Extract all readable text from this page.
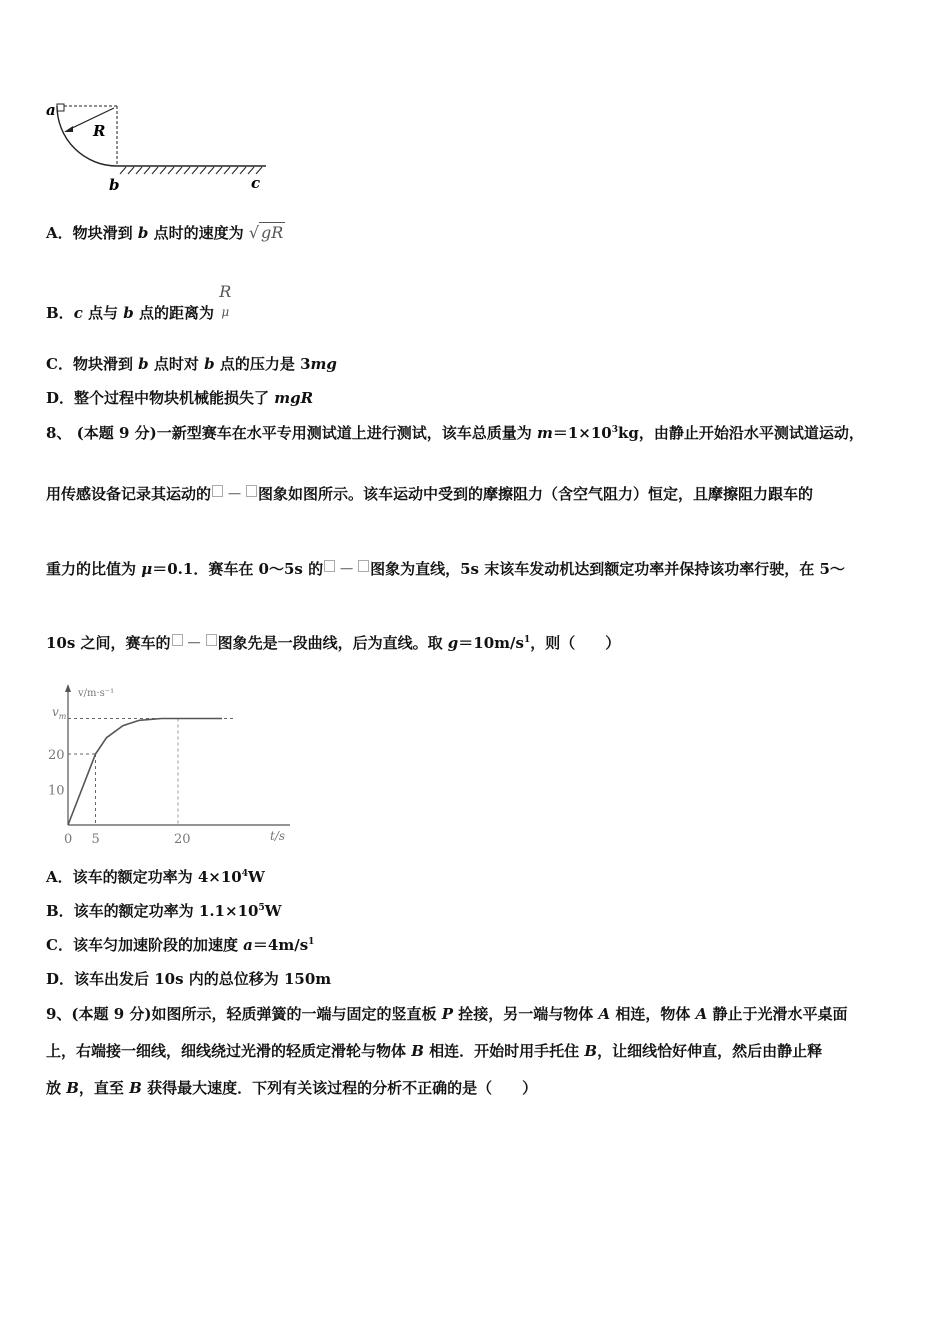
a
R
b	c
A．物块滑到 b 点时的速度为 √ gR
B．c 点与 b 点的距离为 R
μ
C．物块滑到 b 点时对 b 点的压力是 3mg
D．整个过程中物块机械能损失了 mgR
8、 (本题 9 分)一新型赛车在水平专用测试道上进行测试，该车总质量为 $m=1\times 10^3kg$，由静止开始沿水平测试道运动，
用传感设备记录其运动的 － 图象如图所示。该车运动中受到的摩擦阻力（含空气阻力）恒定，且摩擦阻力跟车的
重力的比值为 μ＝0.1．赛车在 0～5s 的 － 图象为直线，5s 末该车发动机达到额定功率并保持该功率行驶，在 5～
10s 之间，赛车的 － 图象先是一段曲线，后为直线。取 $g=10m/s^1$，则（　　）
v/m·s⁻¹
t/s
$v_m$
0 5	20
10
20
A．该车的额定功率为 $4\times 10^4W$
B．该车的额定功率为 $1.1\times 10^5W$
C．该车匀加速阶段的加速度 $a=4m/s^1$
D．该车出发后 10s 内的总位移为 150m
9、(本题 9 分)如图所示，轻质弹簧的一端与固定的竖直板 P 拴接，另一端与物体 A 相连，物体 A 静止于光滑水平桌面
上，右端接一细线，细线绕过光滑的轻质定滑轮与物体 B 相连．开始时用手托住 B，让细线恰好伸直，然后由静止释
放 B，直至 B 获得最大速度．下列有关该过程的分析不正确的是（　　）
